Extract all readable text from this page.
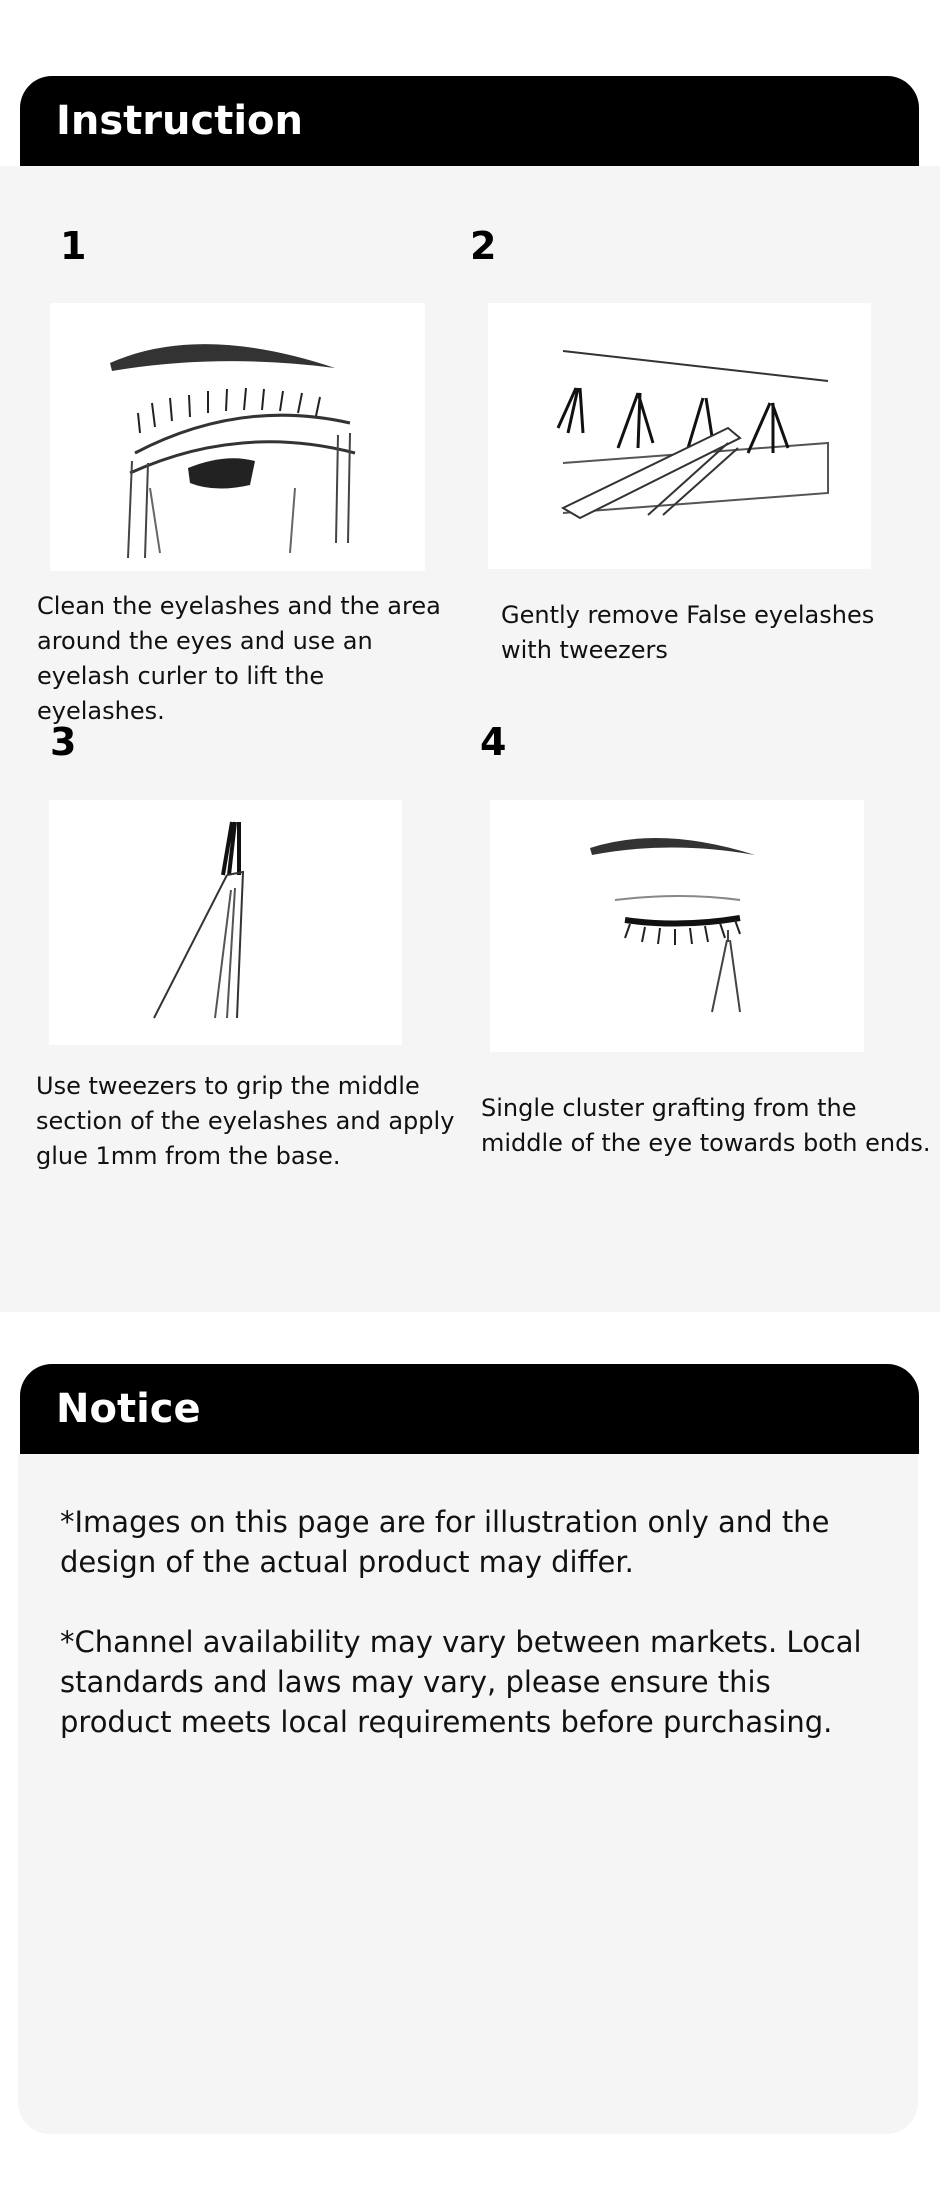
Instruction
1
Clean the eyelashes and the area around the eyes and use an eyelash curler to lift the eyelashes.
2
Gently remove False eyelashes with tweezers
3
Use tweezers to grip the middle section of the eyelashes and apply glue 1mm from the base.
4
Single cluster grafting from the middle of the eye towards both ends.
Notice
*Images on this page are for illustration only and the design of the actual product may differ.
*Channel availability may vary between markets. Local standards and laws may vary, please ensure this product meets local requirements before purchasing.
